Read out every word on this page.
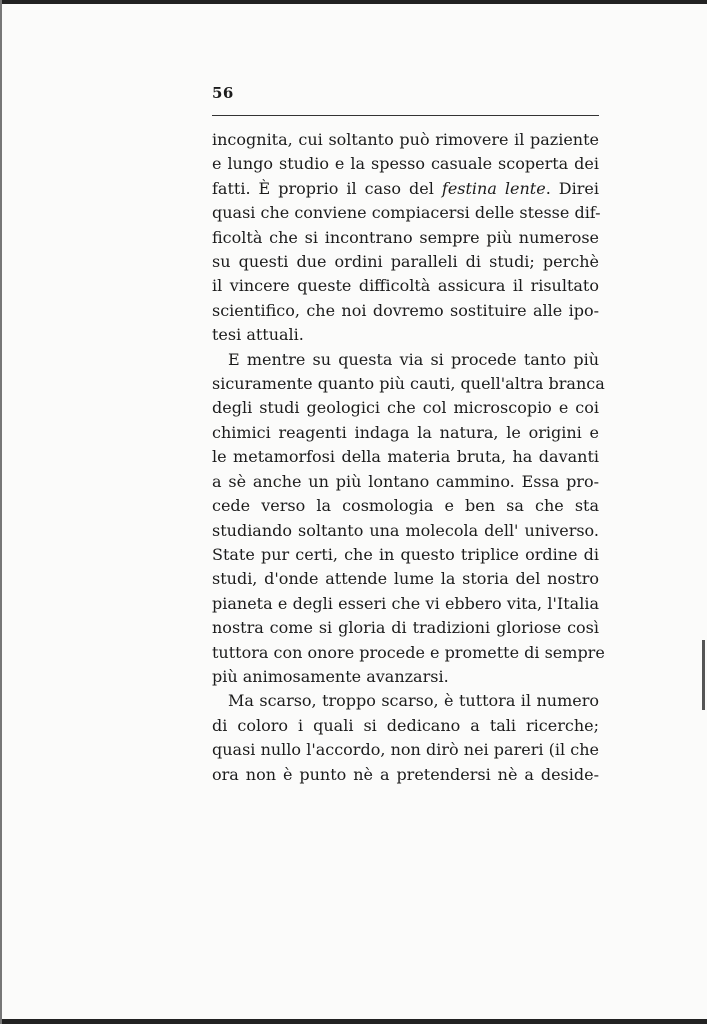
56
incognita, cui soltanto può rimovere il paziente
e lungo studio e la spesso casuale scoperta dei
fatti. È proprio il caso del festina lente. Direi
quasi che conviene compiacersi delle stesse dif-
ficoltà che si incontrano sempre più numerose
su questi due ordini paralleli di studi; perchè
il vincere queste difficoltà assicura il risultato
scientifico, che noi dovremo sostituire alle ipo-
tesi attuali.
E mentre su questa via si procede tanto più
sicuramente quanto più cauti, quell'altra branca
degli studi geologici che col microscopio e coi
chimici reagenti indaga la natura, le origini e
le metamorfosi della materia bruta, ha davanti
a sè anche un più lontano cammino. Essa pro-
cede verso la cosmologia e ben sa che sta
studiando soltanto una molecola dell' universo.
State pur certi, che in questo triplice ordine di
studi, d'onde attende lume la storia del nostro
pianeta e degli esseri che vi ebbero vita, l'Italia
nostra come si gloria di tradizioni gloriose così
tuttora con onore procede e promette di sempre
più animosamente avanzarsi.
Ma scarso, troppo scarso, è tuttora il numero
di coloro i quali si dedicano a tali ricerche;
quasi nullo l'accordo, non dirò nei pareri (il che
ora non è punto nè a pretendersi nè a deside-
